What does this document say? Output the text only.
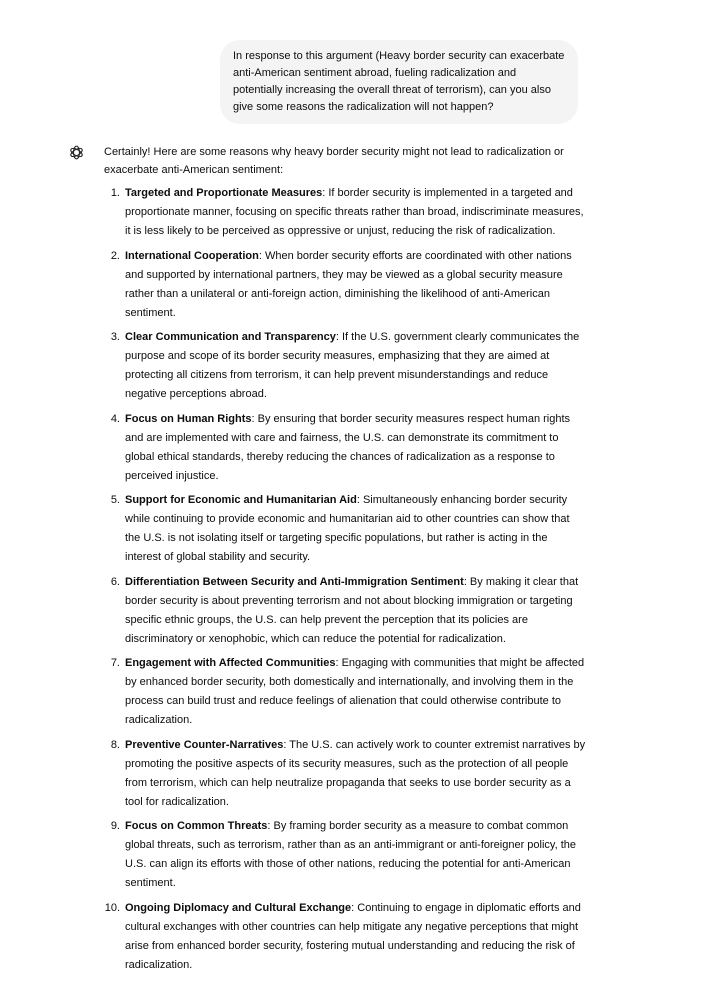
In response to this argument (Heavy border security can exacerbate anti-American sentiment abroad, fueling radicalization and potentially increasing the overall threat of terrorism), can you also give some reasons the radicalization will not happen?

Certainly! Here are some reasons why heavy border security might not lead to radicalization or exacerbate anti-American sentiment:

1. Targeted and Proportionate Measures: If border security is implemented in a targeted and proportionate manner, focusing on specific threats rather than broad, indiscriminate measures, it is less likely to be perceived as oppressive or unjust, reducing the risk of radicalization.
2. International Cooperation: When border security efforts are coordinated with other nations and supported by international partners, they may be viewed as a global security measure rather than a unilateral or anti-foreign action, diminishing the likelihood of anti-American sentiment.
3. Clear Communication and Transparency: If the U.S. government clearly communicates the purpose and scope of its border security measures, emphasizing that they are aimed at protecting all citizens from terrorism, it can help prevent misunderstandings and reduce negative perceptions abroad.
4. Focus on Human Rights: By ensuring that border security measures respect human rights and are implemented with care and fairness, the U.S. can demonstrate its commitment to global ethical standards, thereby reducing the chances of radicalization as a response to perceived injustice.
5. Support for Economic and Humanitarian Aid: Simultaneously enhancing border security while continuing to provide economic and humanitarian aid to other countries can show that the U.S. is not isolating itself or targeting specific populations, but rather is acting in the interest of global stability and security.
6. Differentiation Between Security and Anti-Immigration Sentiment: By making it clear that border security is about preventing terrorism and not about blocking immigration or targeting specific ethnic groups, the U.S. can help prevent the perception that its policies are discriminatory or xenophobic, which can reduce the potential for radicalization.
7. Engagement with Affected Communities: Engaging with communities that might be affected by enhanced border security, both domestically and internationally, and involving them in the process can build trust and reduce feelings of alienation that could otherwise contribute to radicalization.
8. Preventive Counter-Narratives: The U.S. can actively work to counter extremist narratives by promoting the positive aspects of its security measures, such as the protection of all people from terrorism, which can help neutralize propaganda that seeks to use border security as a tool for radicalization.
9. Focus on Common Threats: By framing border security as a measure to combat common global threats, such as terrorism, rather than as an anti-immigrant or anti-foreigner policy, the U.S. can align its efforts with those of other nations, reducing the potential for anti-American sentiment.
10. Ongoing Diplomacy and Cultural Exchange: Continuing to engage in diplomatic efforts and cultural exchanges with other countries can help mitigate any negative perceptions that might arise from enhanced border security, fostering mutual understanding and reducing the risk of radicalization.
